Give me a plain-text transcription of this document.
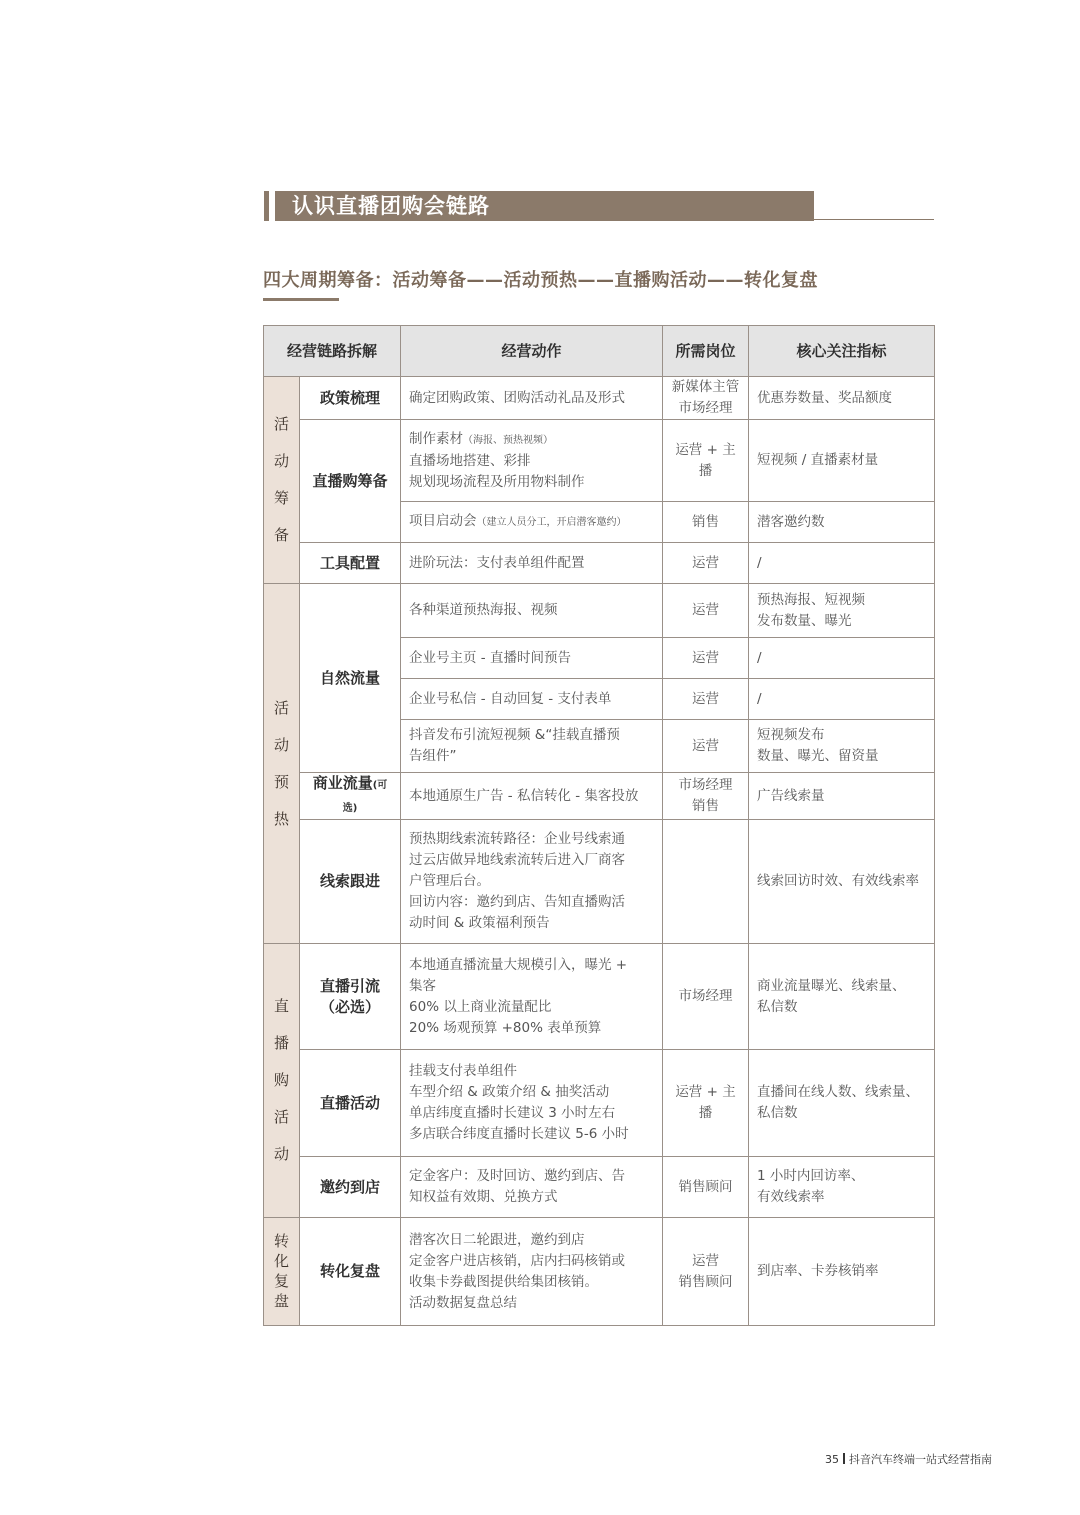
认识直播团购会链路
四大周期筹备：活动筹备——活动预热——直播购活动——转化复盘
经营链路拆解		经营动作	所需岗位	核心关注指标
活动筹备	政策梳理	确定团购政策、团购活动礼品及形式	新媒体主管
市场经理	优惠券数量、奖品额度
	直播购筹备	制作素材（海报、预热视频）
直播场地搭建、彩排
规划现场流程及所用物料制作	运营 + 主播	短视频 / 直播素材量
		项目启动会（建立人员分工，开启潜客邀约）	销售	潜客邀约数
	工具配置	进阶玩法：支付表单组件配置	运营	/
活动预热	自然流量	各种渠道预热海报、视频	运营	预热海报、短视频
发布数量、曝光

		企业号主页 - 直播时间预告	运营	/
		企业号私信 - 自动回复 - 支付表单	运营	/

		抖音发布引流短视频 &“挂载直播预
告组件”	运营	短视频发布
数量、曝光、留资量

	商业流量(可选)	本地通原生广告 - 私信转化 - 集客投放	市场经理
销售	广告线索量
	线索跟进	预热期线索流转路径：企业号线索通
过云店做异地线索流转后进入厂商客
户管理后台。
回访内容：邀约到店、告知直播购活
动时间 & 政策福利预告		线索回访时效、有效线索率
直播购活动	直播引流
（必选）	本地通直播流量大规模引入，曝光 +
集客
60% 以上商业流量配比
20% 场观预算 +80% 表单预算	市场经理	商业流量曝光、线索量、
私信数

	直播活动	挂载支付表单组件
车型介绍 & 政策介绍 & 抽奖活动
单店纬度直播时长建议 3 小时左右
多店联合纬度直播时长建议 5-6 小时	运营 + 主播	直播间在线人数、线索量、
私信数

	邀约到店	定金客户：及时回访、邀约到店、告
知权益有效期、兑换方式	销售顾问	1 小时内回访率、
有效线索率

转化复盘	转化复盘	潜客次日二轮跟进，邀约到店
定金客户进店核销，店内扫码核销或
收集卡券截图提供给集团核销。
活动数据复盘总结	运营
销售顾问	到店率、卡券核销率
35 抖音汽车终端一站式经营指南
